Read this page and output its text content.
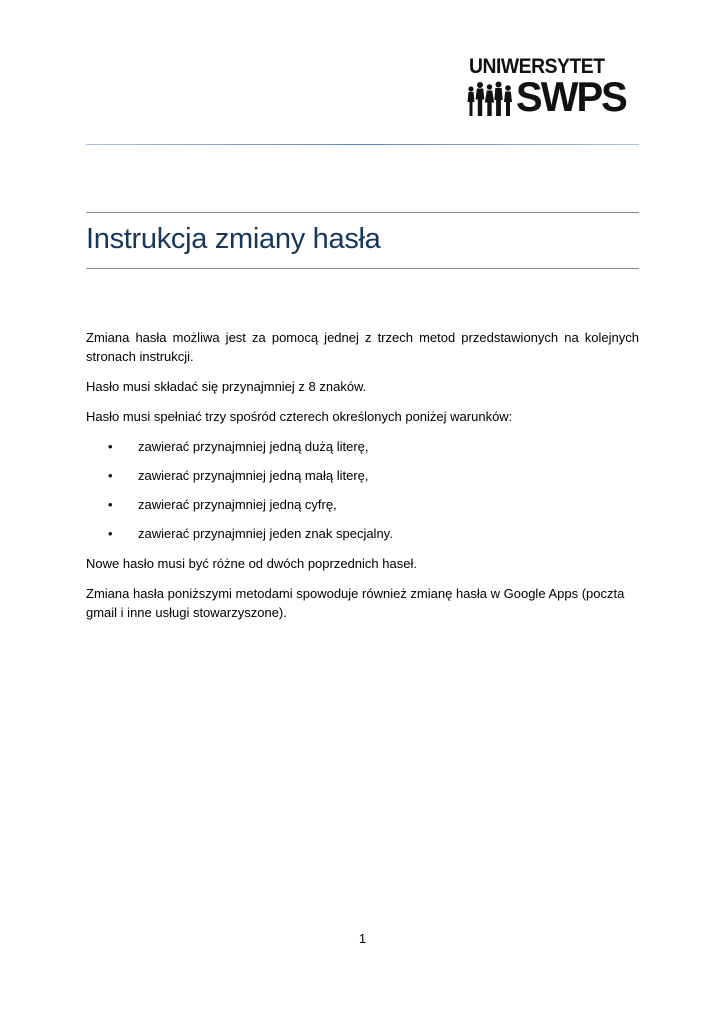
UNIWERSYTET
SWPS
Instrukcja zmiany hasła

Zmiana hasła możliwa jest za pomocą jednej z trzech metod przedstawionych na kolejnych stronach instrukcji.

Hasło musi składać się przynajmniej z 8 znaków.

Hasło musi spełniać trzy spośród czterech określonych poniżej warunków:

• zawierać przynajmniej jedną dużą literę,
• zawierać przynajmniej jedną małą literę,
• zawierać przynajmniej jedną cyfrę,
• zawierać przynajmniej jeden znak specjalny.

Nowe hasło musi być różne od dwóch poprzednich haseł.

Zmiana hasła poniższymi metodami spowoduje również zmianę hasła w Google Apps (poczta gmail i inne usługi stowarzyszone).

1
